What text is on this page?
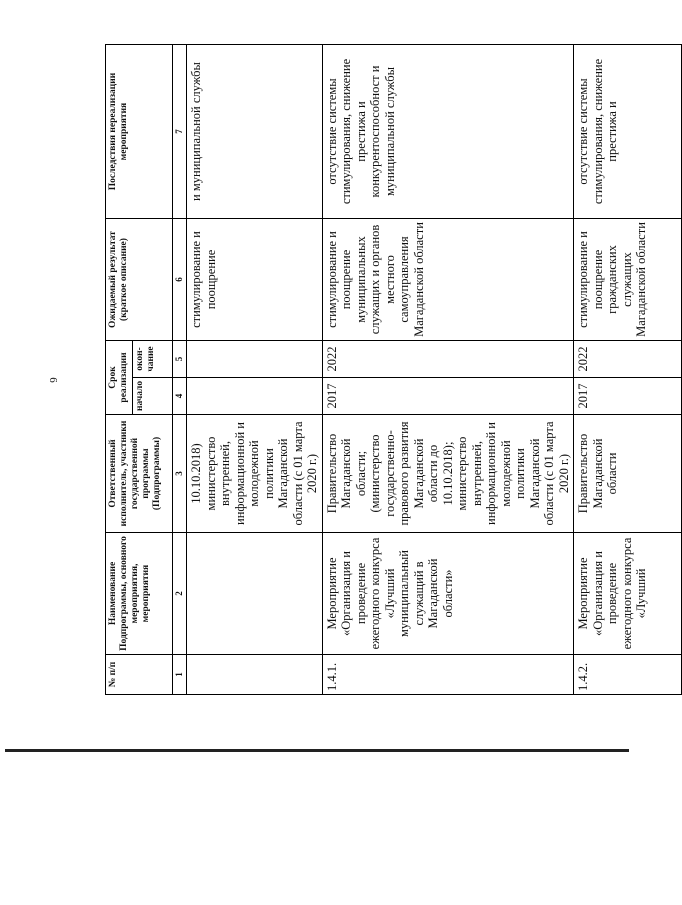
6
№ п/п	Наименование Подпрограммы, основного мероприятия, мероприятия	Ответственный исполнитель, участники государственной программы (Подпрограммы)	Срок реализации		Ожидаемый результат (краткое описание)	Последствия нереализации мероприятия
			начало	окон-чание		
1	2	3	4	5	6	7
		10.10.2018) министерство внутренней, информационной и молодежной политики Магаданской области (с 01 марта 2020 г.)			стимулирование и поощрение	и муниципальной службы
1.4.1.	Мероприятие «Организация и проведение ежегодного конкурса «Лучший муниципальный служащий в Магаданской области»	Правительство Магаданской области; (министерство государственно-правового развития Магаданской области до 10.10.2018); министерство внутренней, информационной и молодежной политики Магаданской области (с 01 марта 2020 г.)	2017	2022	стимулирование и поощрение муниципальных служащих и органов местного самоуправления Магаданской области	отсутствие системы стимулирования, снижение престижа и конкурентоспособност и муниципальной службы
1.4.2.	Мероприятие «Организация и проведение ежегодного конкурса «Лучший	Правительство Магаданской области	2017	2022	стимулирование и поощрение гражданских служащих Магаданской области	отсутствие системы стимулирования, снижение престижа и
